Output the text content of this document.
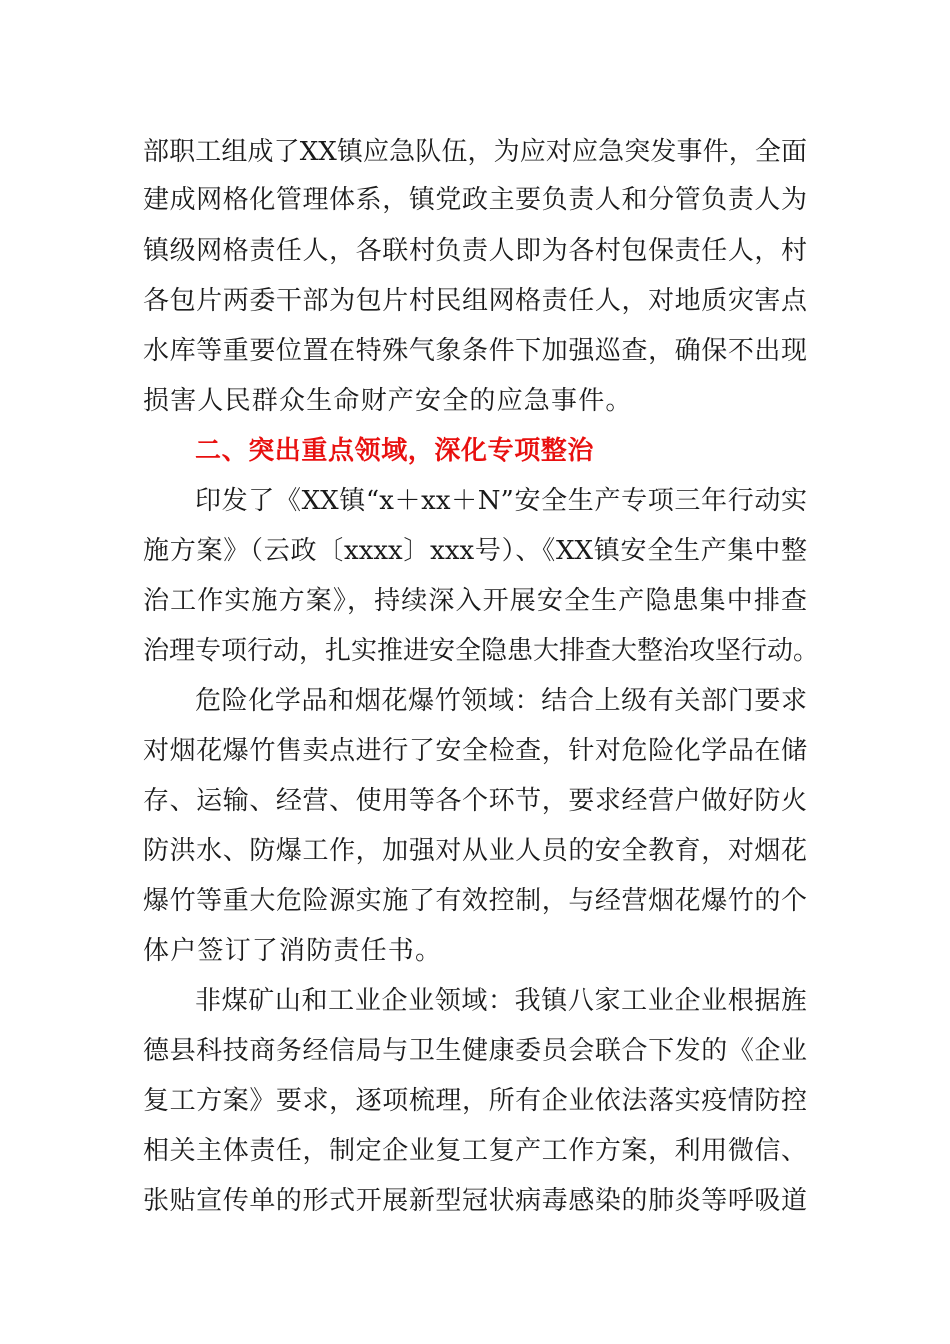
部职工组成了XX镇应急队伍，为应对应急突发事件，全面
建成网格化管理体系，镇党政主要负责人和分管负责人为
镇级网格责任人，各联村负责人即为各村包保责任人，村
各包片两委干部为包片村民组网格责任人，对地质灾害点
水库等重要位置在特殊气象条件下加强巡查，确保不出现
损害人民群众生命财产安全的应急事件。
二、突出重点领域，深化专项整治
印发了《XX镇“x＋xx＋N”安全生产专项三年行动实
施方案》（云政〔xxxx〕xxx号）、《XX镇安全生产集中整
治工作实施方案》，持续深入开展安全生产隐患集中排查
治理专项行动，扎实推进安全隐患大排查大整治攻坚行动。
危险化学品和烟花爆竹领域：结合上级有关部门要求
对烟花爆竹售卖点进行了安全检查，针对危险化学品在储
存、运输、经营、使用等各个环节，要求经营户做好防火
防洪水、防爆工作，加强对从业人员的安全教育，对烟花
爆竹等重大危险源实施了有效控制，与经营烟花爆竹的个
体户签订了消防责任书。
非煤矿山和工业企业领域：我镇八家工业企业根据旌
德县科技商务经信局与卫生健康委员会联合下发的《企业
复工方案》要求，逐项梳理，所有企业依法落实疫情防控
相关主体责任，制定企业复工复产工作方案，利用微信、
张贴宣传单的形式开展新型冠状病毒感染的肺炎等呼吸道
